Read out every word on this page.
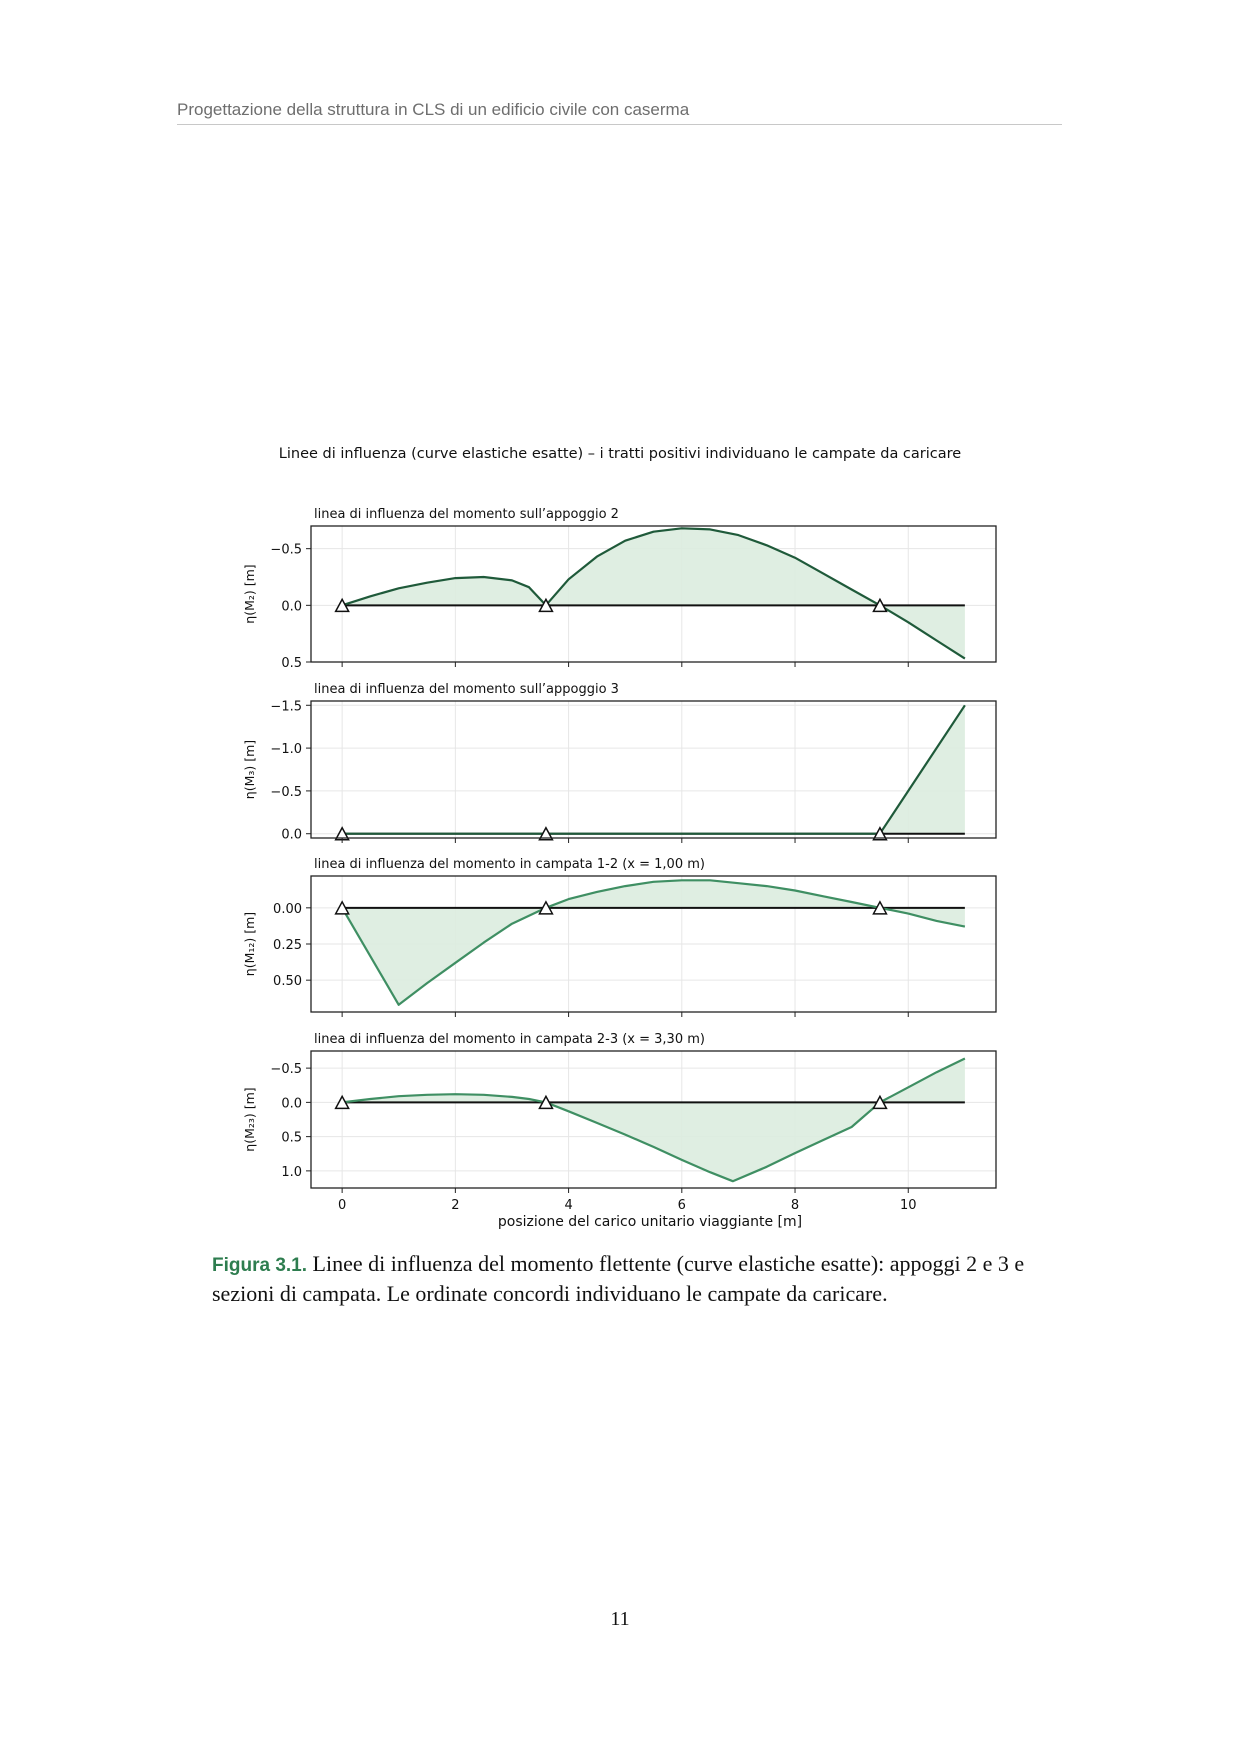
Progettazione della struttura in CLS di un edificio civile con caserma
Linee di influenza (curve elastiche esatte) – i tratti positivi individuano le campate da caricare
−0.5
0.0
0.5
linea di influenza del momento sull’appoggio 2
η(M₂) [m]
−1.5
−1.0
−0.5
0.0
linea di influenza del momento sull’appoggio 3
η(M₃) [m]
0.00
0.25
0.50
linea di influenza del momento in campata 1-2 (x = 1,00 m)
η(M₁₂) [m]
−0.5
0.0
0.5
1.0
0	2	4	6	8	10
linea di influenza del momento in campata 2-3 (x = 3,30 m)
η(M₂₃) [m]
posizione del carico unitario viaggiante [m]
Figura 3.1. Linee di influenza del momento flettente (curve elastiche esatte): appoggi 2 e 3 e sezioni di campata. Le ordinate concordi individuano le campate da caricare.
11
